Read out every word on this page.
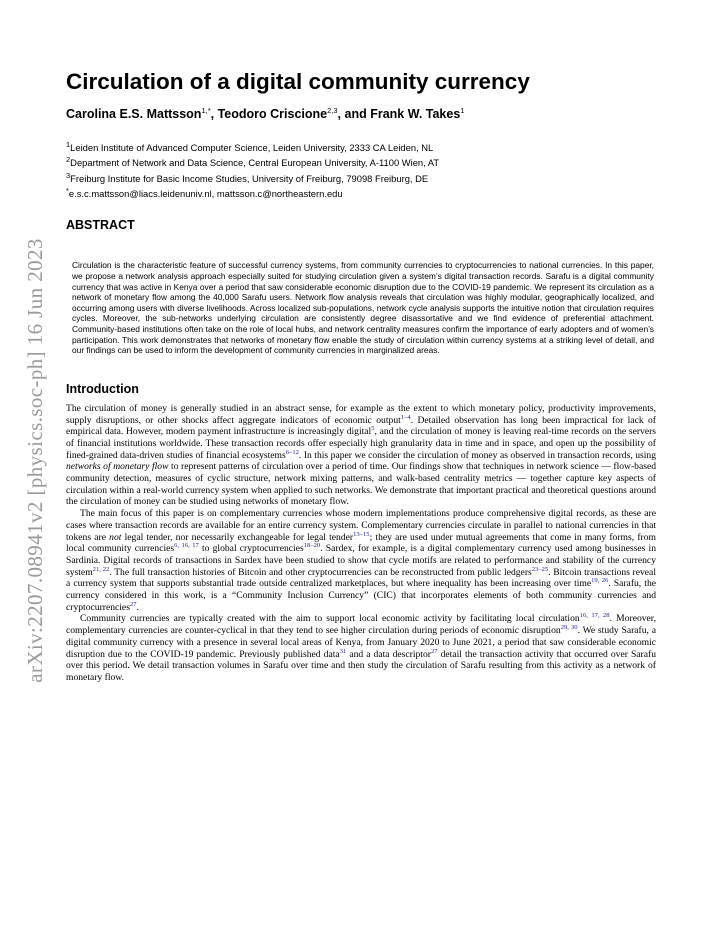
arXiv:2207.08941v2 [physics.soc-ph] 16 Jun 2023
Circulation of a digital community currency
Carolina E.S. Mattsson$^{1,*}$, Teodoro Criscione$^{2,3}$, and Frank W. Takes$^1$
$^1$Leiden Institute of Advanced Computer Science, Leiden University, 2333 CA Leiden, NL
$^2$Department of Network and Data Science, Central European University, A-1100 Wien, AT
$^3$Freiburg Institute for Basic Income Studies, University of Freiburg, 79098 Freiburg, DE
*e.s.c.mattsson@liacs.leidenuniv.nl, mattsson.c@northeastern.edu
ABSTRACT

Circulation is the characteristic feature of successful currency systems, from community currencies to cryptocurrencies to national currencies. In this paper, we propose a network analysis approach especially suited for studying circulation given a system’s digital transaction records. Sarafu is a digital community currency that was active in Kenya over a period that saw considerable economic disruption due to the COVID-19 pandemic. We represent its circulation as a network of monetary flow among the 40,000 Sarafu users. Network flow analysis reveals that circulation was highly modular, geographically localized, and occurring among users with diverse livelihoods. Across localized sub-populations, network cycle analysis supports the intuitive notion that circulation requires cycles. Moreover, the sub-networks underlying circulation are consistently degree disassortative and we find evidence of preferential attachment. Community-based institutions often take on the role of local hubs, and network centrality measures confirm the importance of early adopters and of women’s participation. This work demonstrates that networks of monetary flow enable the study of circulation within currency systems at a striking level of detail, and our findings can be used to inform the development of community currencies in marginalized areas.

Introduction

The circulation of money is generally studied in an abstract sense, for example as the extent to which monetary policy, productivity improvements, supply disruptions, or other shocks affect aggregate indicators of economic output$^{1-4}$. Detailed observation has long been impractical for lack of empirical data. However, modern payment infrastructure is increasingly digital$^5$, and the circulation of money is leaving real-time records on the servers of financial institutions worldwide. These transaction records offer especially high granularity data in time and in space, and open up the possibility of fined-grained data-driven studies of financial ecosystems$^{6-12}$. In this paper we consider the circulation of money as observed in transaction records, using networks of monetary flow to represent patterns of circulation over a period of time. Our findings show that techniques in network science — flow-based community detection, measures of cyclic structure, network mixing patterns, and walk-based centrality metrics — together capture key aspects of circulation within a real-world currency system when applied to such networks. We demonstrate that important practical and theoretical questions around the circulation of money can be studied using networks of monetary flow.

The main focus of this paper is on complementary currencies whose modern implementations produce comprehensive digital records, as these are cases where transaction records are available for an entire currency system. Complementary currencies circulate in parallel to national currencies in that tokens are not legal tender, nor necessarily exchangeable for legal tender$^{13-15}$; they are used under mutual agreements that come in many forms, from local community currencies$^{6, 16, 17}$ to global cryptocurrencies$^{18-20}$. Sardex, for example, is a digital complementary currency used among businesses in Sardinia. Digital records of transactions in Sardex have been studied to show that cycle motifs are related to performance and stability of the currency system$^{21, 22}$. The full transaction histories of Bitcoin and other cryptocurrencies can be reconstructed from public ledgers$^{23-25}$. Bitcoin transactions reveal a currency system that supports substantial trade outside centralized marketplaces, but where inequality has been increasing over time$^{19, 26}$. Sarafu, the currency considered in this work, is a “Community Inclusion Currency” (CIC) that incorporates elements of both community currencies and cryptocurrencies$^{27}$.

Community currencies are typically created with the aim to support local economic activity by facilitating local circulation$^{16, 17, 28}$. Moreover, complementary currencies are counter-cyclical in that they tend to see higher circulation during periods of economic disruption$^{29, 30}$. We study Sarafu, a digital community currency with a presence in several local areas of Kenya, from January 2020 to June 2021, a period that saw considerable economic disruption due to the COVID-19 pandemic. Previously published data$^{31}$ and a data descriptor$^{27}$ detail the transaction activity that occurred over Sarafu over this period. We detail transaction volumes in Sarafu over time and then study the circulation of Sarafu resulting from this activity as a network of monetary flow.
